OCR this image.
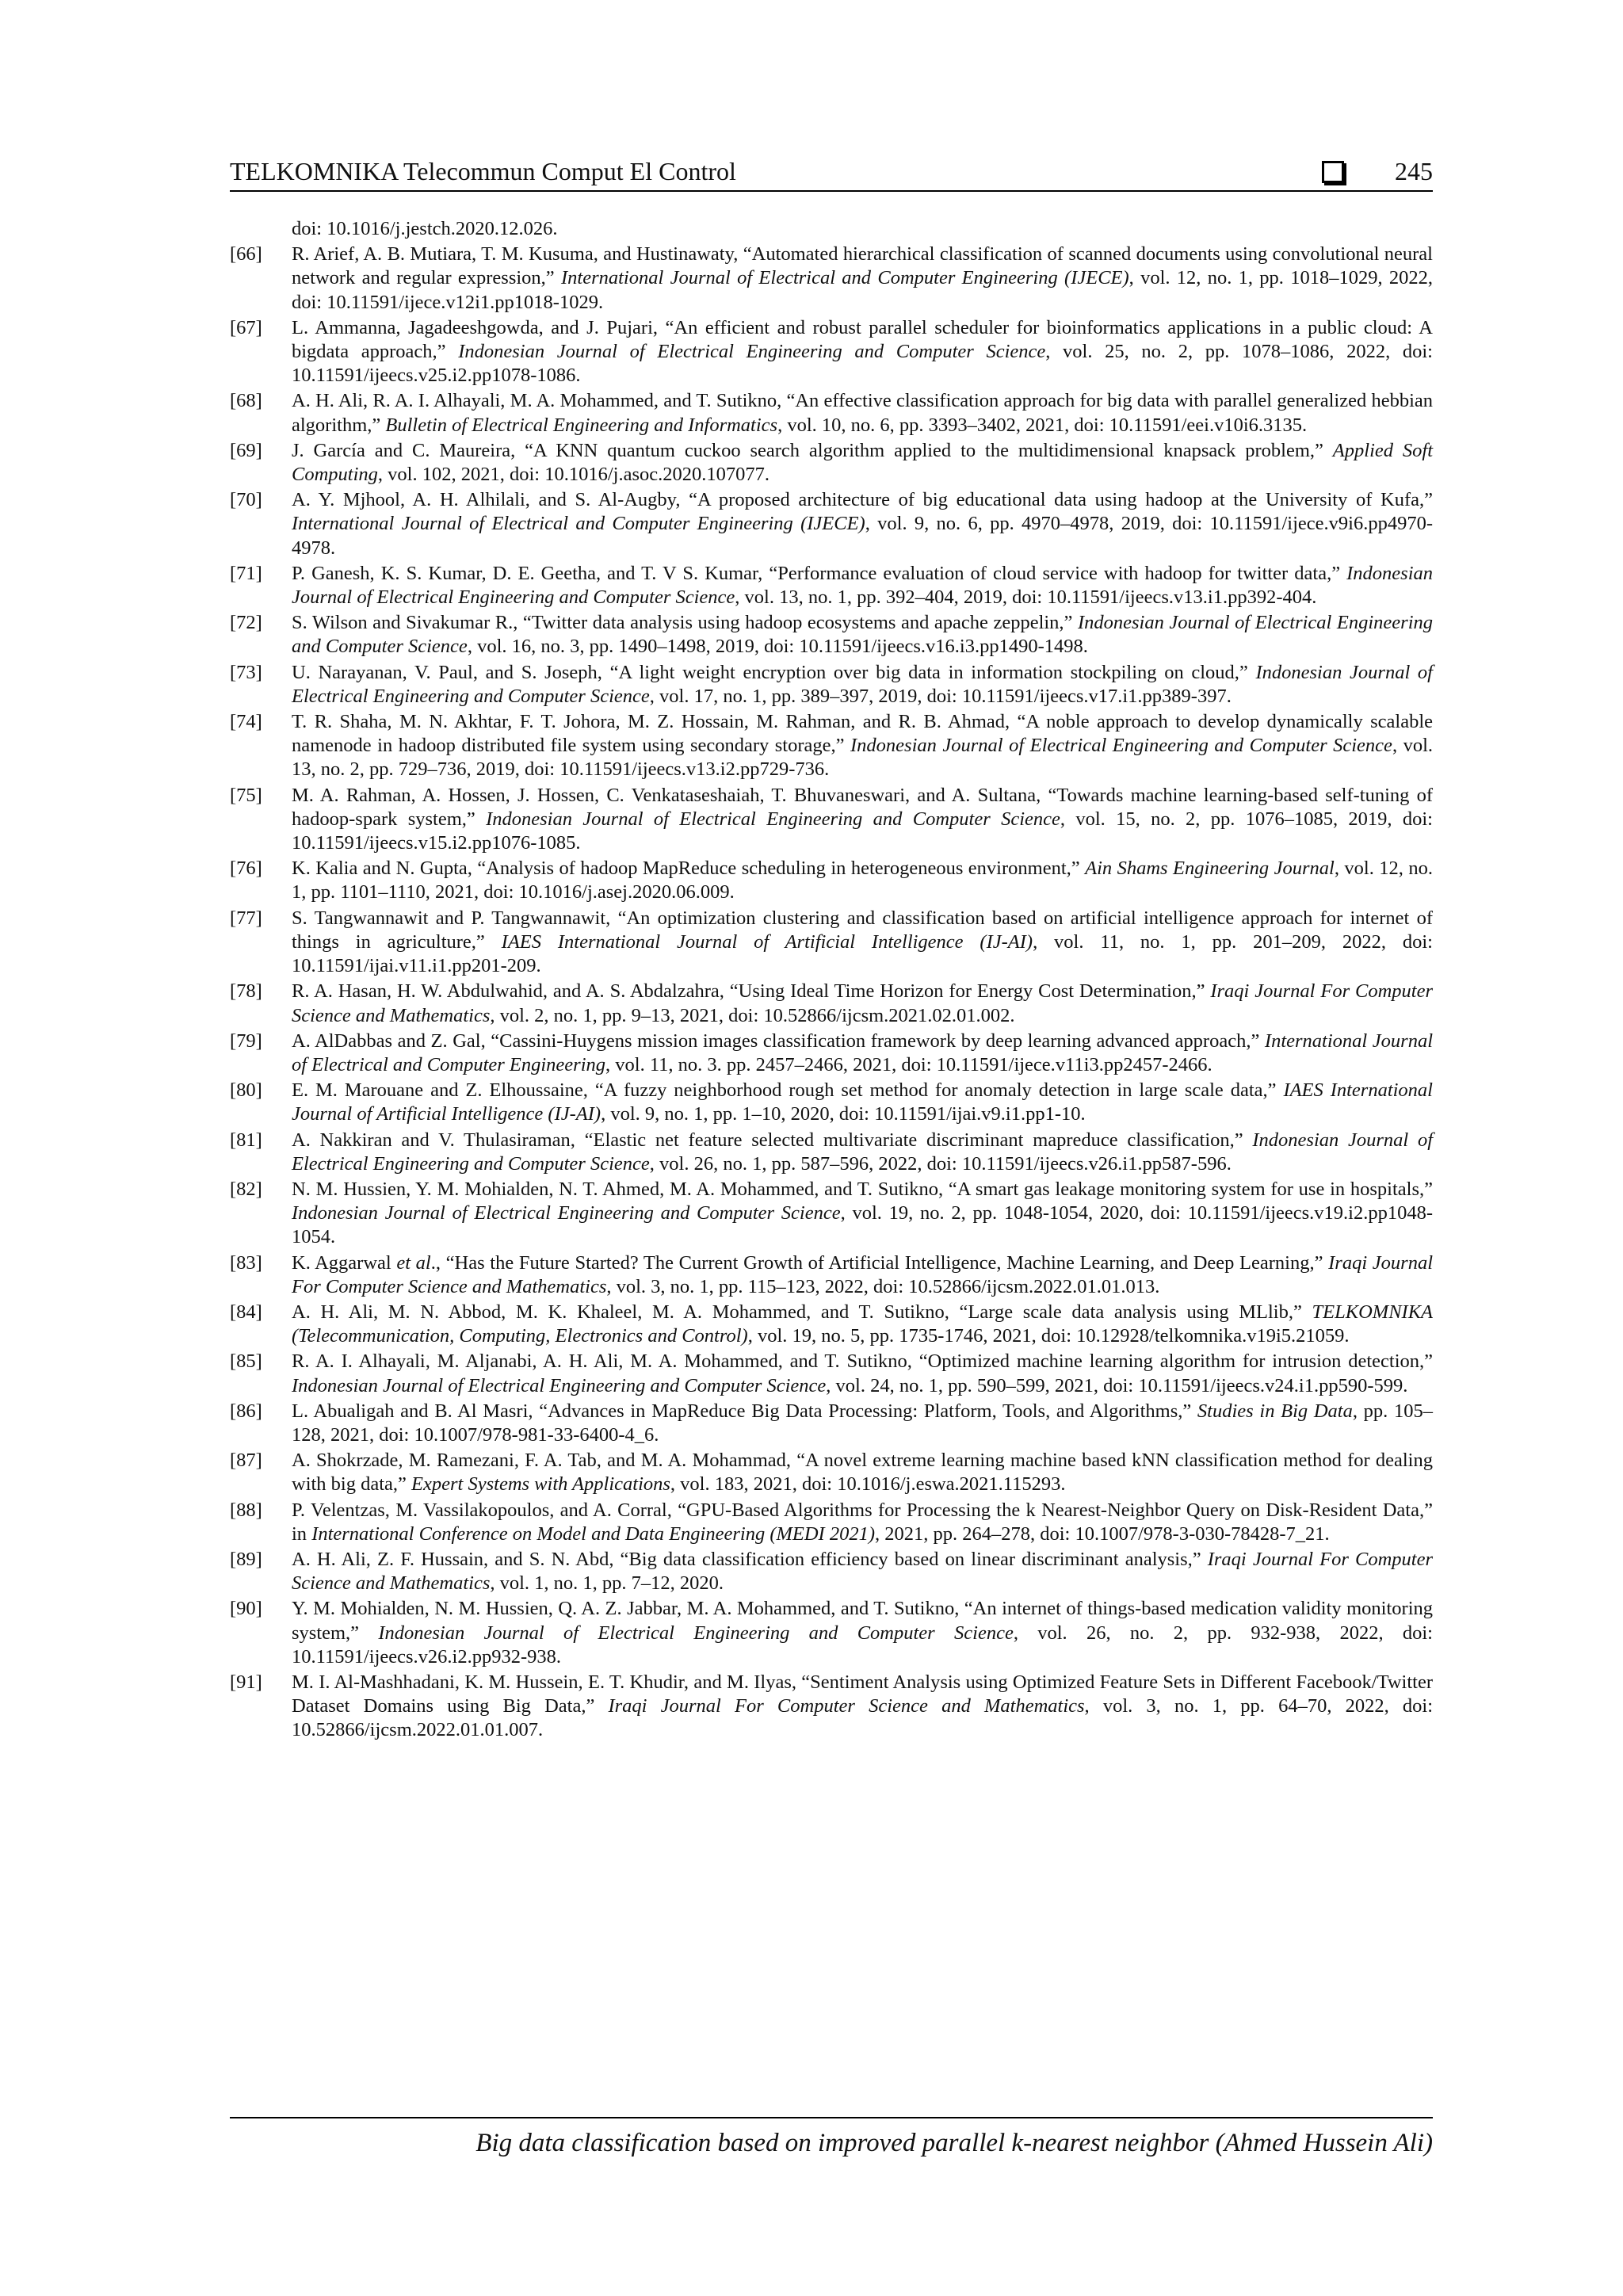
TELKOMNIKA Telecommun Comput El Control	245
doi: 10.1016/j.jestch.2020.12.026.
[66] R. Arief, A. B. Mutiara, T. M. Kusuma, and Hustinawaty, “Automated hierarchical classification of scanned documents using convolutional neural network and regular expression,” International Journal of Electrical and Computer Engineering (IJECE), vol. 12, no. 1, pp. 1018–1029, 2022, doi: 10.11591/ijece.v12i1.pp1018-1029.
[67] L. Ammanna, Jagadeeshgowda, and J. Pujari, “An efficient and robust parallel scheduler for bioinformatics applications in a public cloud: A bigdata approach,” Indonesian Journal of Electrical Engineering and Computer Science, vol. 25, no. 2, pp. 1078–1086, 2022, doi: 10.11591/ijeecs.v25.i2.pp1078-1086.
[68] A. H. Ali, R. A. I. Alhayali, M. A. Mohammed, and T. Sutikno, “An effective classification approach for big data with parallel generalized hebbian algorithm,” Bulletin of Electrical Engineering and Informatics, vol. 10, no. 6, pp. 3393–3402, 2021, doi: 10.11591/eei.v10i6.3135.
[69] J. García and C. Maureira, “A KNN quantum cuckoo search algorithm applied to the multidimensional knapsack problem,” Applied Soft Computing, vol. 102, 2021, doi: 10.1016/j.asoc.2020.107077.
[70] A. Y. Mjhool, A. H. Alhilali, and S. Al-Augby, “A proposed architecture of big educational data using hadoop at the University of Kufa,” International Journal of Electrical and Computer Engineering (IJECE), vol. 9, no. 6, pp. 4970–4978, 2019, doi: 10.11591/ijece.v9i6.pp4970-4978.
[71] P. Ganesh, K. S. Kumar, D. E. Geetha, and T. V S. Kumar, “Performance evaluation of cloud service with hadoop for twitter data,” Indonesian Journal of Electrical Engineering and Computer Science, vol. 13, no. 1, pp. 392–404, 2019, doi: 10.11591/ijeecs.v13.i1.pp392-404.
[72] S. Wilson and Sivakumar R., “Twitter data analysis using hadoop ecosystems and apache zeppelin,” Indonesian Journal of Electrical Engineering and Computer Science, vol. 16, no. 3, pp. 1490–1498, 2019, doi: 10.11591/ijeecs.v16.i3.pp1490-1498.
[73] U. Narayanan, V. Paul, and S. Joseph, “A light weight encryption over big data in information stockpiling on cloud,” Indonesian Journal of Electrical Engineering and Computer Science, vol. 17, no. 1, pp. 389–397, 2019, doi: 10.11591/ijeecs.v17.i1.pp389-397.
[74] T. R. Shaha, M. N. Akhtar, F. T. Johora, M. Z. Hossain, M. Rahman, and R. B. Ahmad, “A noble approach to develop dynamically scalable namenode in hadoop distributed file system using secondary storage,” Indonesian Journal of Electrical Engineering and Computer Science, vol. 13, no. 2, pp. 729–736, 2019, doi: 10.11591/ijeecs.v13.i2.pp729-736.
[75] M. A. Rahman, A. Hossen, J. Hossen, C. Venkataseshaiah, T. Bhuvaneswari, and A. Sultana, “Towards machine learning-based self-tuning of hadoop-spark system,” Indonesian Journal of Electrical Engineering and Computer Science, vol. 15, no. 2, pp. 1076–1085, 2019, doi: 10.11591/ijeecs.v15.i2.pp1076-1085.
[76] K. Kalia and N. Gupta, “Analysis of hadoop MapReduce scheduling in heterogeneous environment,” Ain Shams Engineering Journal, vol. 12, no. 1, pp. 1101–1110, 2021, doi: 10.1016/j.asej.2020.06.009.
[77] S. Tangwannawit and P. Tangwannawit, “An optimization clustering and classification based on artificial intelligence approach for internet of things in agriculture,” IAES International Journal of Artificial Intelligence (IJ-AI), vol. 11, no. 1, pp. 201–209, 2022, doi: 10.11591/ijai.v11.i1.pp201-209.
[78] R. A. Hasan, H. W. Abdulwahid, and A. S. Abdalzahra, “Using Ideal Time Horizon for Energy Cost Determination,” Iraqi Journal For Computer Science and Mathematics, vol. 2, no. 1, pp. 9–13, 2021, doi: 10.52866/ijcsm.2021.02.01.002.
[79] A. AlDabbas and Z. Gal, “Cassini-Huygens mission images classification framework by deep learning advanced approach,” International Journal of Electrical and Computer Engineering, vol. 11, no. 3. pp. 2457–2466, 2021, doi: 10.11591/ijece.v11i3.pp2457-2466.
[80] E. M. Marouane and Z. Elhoussaine, “A fuzzy neighborhood rough set method for anomaly detection in large scale data,” IAES International Journal of Artificial Intelligence (IJ-AI), vol. 9, no. 1, pp. 1–10, 2020, doi: 10.11591/ijai.v9.i1.pp1-10.
[81] A. Nakkiran and V. Thulasiraman, “Elastic net feature selected multivariate discriminant mapreduce classification,” Indonesian Journal of Electrical Engineering and Computer Science, vol. 26, no. 1, pp. 587–596, 2022, doi: 10.11591/ijeecs.v26.i1.pp587-596.
[82] N. M. Hussien, Y. M. Mohialden, N. T. Ahmed, M. A. Mohammed, and T. Sutikno, “A smart gas leakage monitoring system for use in hospitals,” Indonesian Journal of Electrical Engineering and Computer Science, vol. 19, no. 2, pp. 1048-1054, 2020, doi: 10.11591/ijeecs.v19.i2.pp1048-1054.
[83] K. Aggarwal et al., “Has the Future Started? The Current Growth of Artificial Intelligence, Machine Learning, and Deep Learning,” Iraqi Journal For Computer Science and Mathematics, vol. 3, no. 1, pp. 115–123, 2022, doi: 10.52866/ijcsm.2022.01.01.013.
[84] A. H. Ali, M. N. Abbod, M. K. Khaleel, M. A. Mohammed, and T. Sutikno, “Large scale data analysis using MLlib,” TELKOMNIKA (Telecommunication, Computing, Electronics and Control), vol. 19, no. 5, pp. 1735-1746, 2021, doi: 10.12928/telkomnika.v19i5.21059.
[85] R. A. I. Alhayali, M. Aljanabi, A. H. Ali, M. A. Mohammed, and T. Sutikno, “Optimized machine learning algorithm for intrusion detection,” Indonesian Journal of Electrical Engineering and Computer Science, vol. 24, no. 1, pp. 590–599, 2021, doi: 10.11591/ijeecs.v24.i1.pp590-599.
[86] L. Abualigah and B. Al Masri, “Advances in MapReduce Big Data Processing: Platform, Tools, and Algorithms,” Studies in Big Data, pp. 105–128, 2021, doi: 10.1007/978-981-33-6400-4_6.
[87] A. Shokrzade, M. Ramezani, F. A. Tab, and M. A. Mohammad, “A novel extreme learning machine based kNN classification method for dealing with big data,” Expert Systems with Applications, vol. 183, 2021, doi: 10.1016/j.eswa.2021.115293.
[88] P. Velentzas, M. Vassilakopoulos, and A. Corral, “GPU-Based Algorithms for Processing the k Nearest-Neighbor Query on Disk-Resident Data,” in International Conference on Model and Data Engineering (MEDI 2021), 2021, pp. 264–278, doi: 10.1007/978-3-030-78428-7_21.
[89] A. H. Ali, Z. F. Hussain, and S. N. Abd, “Big data classification efficiency based on linear discriminant analysis,” Iraqi Journal For Computer Science and Mathematics, vol. 1, no. 1, pp. 7–12, 2020.
[90] Y. M. Mohialden, N. M. Hussien, Q. A. Z. Jabbar, M. A. Mohammed, and T. Sutikno, “An internet of things-based medication validity monitoring system,” Indonesian Journal of Electrical Engineering and Computer Science, vol. 26, no. 2, pp. 932-938, 2022, doi: 10.11591/ijeecs.v26.i2.pp932-938.
[91] M. I. Al-Mashhadani, K. M. Hussein, E. T. Khudir, and M. Ilyas, “Sentiment Analysis using Optimized Feature Sets in Different Facebook/Twitter Dataset Domains using Big Data,” Iraqi Journal For Computer Science and Mathematics, vol. 3, no. 1, pp. 64–70, 2022, doi: 10.52866/ijcsm.2022.01.01.007.
Big data classification based on improved parallel k-nearest neighbor (Ahmed Hussein Ali)
